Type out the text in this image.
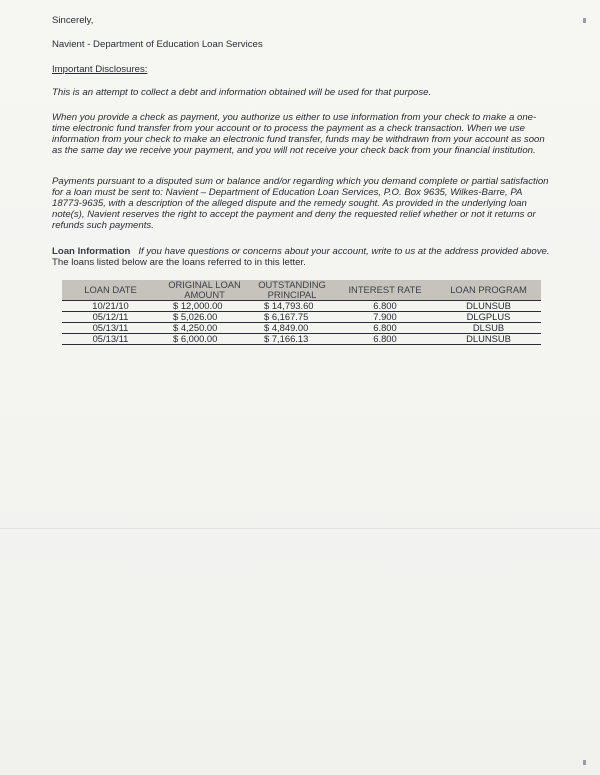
Sincerely,
Navient - Department of Education Loan Services
Important Disclosures:
This is an attempt to collect a debt and information obtained will be used for that purpose.
When you provide a check as payment, you authorize us either to use information from your check to make a one-time electronic fund transfer from your account or to process the payment as a check transaction. When we use information from your check to make an electronic fund transfer, funds may be withdrawn from your account as soon as the same day we receive your payment, and you will not receive your check back from your financial institution.
Payments pursuant to a disputed sum or balance and/or regarding which you demand complete or partial satisfaction for a loan must be sent to: Navient – Department of Education Loan Services, P.O. Box 9635, Wilkes-Barre, PA 18773-9635, with a description of the alleged dispute and the remedy sought. As provided in the underlying loan note(s), Navient reserves the right to accept the payment and deny the requested relief whether or not it returns or refunds such payments.
Loan Information If you have questions or concerns about your account, write to us at the address provided above. The loans listed below are the loans referred to in this letter.
LOAN DATE	ORIGINAL LOAN AMOUNT	OUTSTANDING PRINCIPAL	INTEREST RATE	LOAN PROGRAM
10/21/10	$ 12,000.00	$ 14,793.60	6.800	DLUNSUB
05/12/11	$ 5,026.00	$ 6,167.75	7.900	DLGPLUS
05/13/11	$ 4,250.00	$ 4,849.00	6.800	DLSUB
05/13/11	$ 6,000.00	$ 7,166.13	6.800	DLUNSUB
